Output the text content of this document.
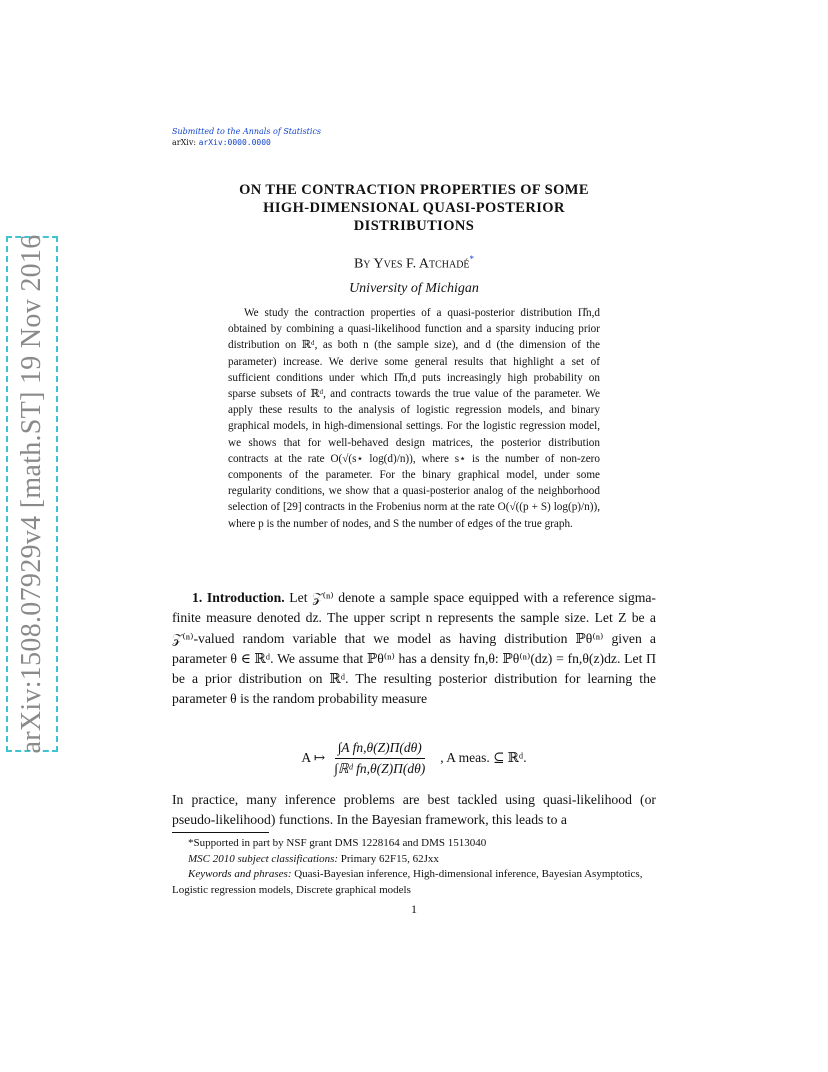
arXiv:1508.07929v4 [math.ST] 19 Nov 2016
Submitted to the Annals of Statistics
arXiv: arXiv:0000.0000
ON THE CONTRACTION PROPERTIES OF SOME
HIGH-DIMENSIONAL QUASI-POSTERIOR
DISTRIBUTIONS
By Yves F. Atchadé*
University of Michigan
We study the contraction properties of a quasi-posterior distribution Π̌n,d obtained by combining a quasi-likelihood function and a sparsity inducing prior distribution on ℝᵈ, as both n (the sample size), and d (the dimension of the parameter) increase. We derive some general results that highlight a set of sufficient conditions under which Π̌n,d puts increasingly high probability on sparse subsets of ℝᵈ, and contracts towards the true value of the parameter. We apply these results to the analysis of logistic regression models, and binary graphical models, in high-dimensional settings. For the logistic regression model, we shows that for well-behaved design matrices, the posterior distribution contracts at the rate O(√(s⋆ log(d)/n)), where s⋆ is the number of non-zero components of the parameter. For the binary graphical model, under some regularity conditions, we show that a quasi-posterior analog of the neighborhood selection of [29] contracts in the Frobenius norm at the rate O(√((p + S) log(p)/n)), where p is the number of nodes, and S the number of edges of the true graph.
1. Introduction. Let 𝒵⁽ⁿ⁾ denote a sample space equipped with a reference sigma-finite measure denoted dz. The upper script n represents the sample size. Let Z be a 𝒵⁽ⁿ⁾-valued random variable that we model as having distribution ℙθ⁽ⁿ⁾ given a parameter θ ∈ ℝᵈ. We assume that ℙθ⁽ⁿ⁾ has a density fn,θ: ℙθ⁽ⁿ⁾(dz) = fn,θ(z)dz. Let Π be a prior distribution on ℝᵈ. The resulting posterior distribution for learning the parameter θ is the random probability measure
A ↦ $\frac{\text{∫A fn,θ(Z)Π(dθ)}}{\text{∫ℝᵈ fn,θ(Z)Π(dθ)}}$ , A meas. ⊆ ℝᵈ.
In practice, many inference problems are best tackled using quasi-likelihood (or pseudo-likelihood) functions. In the Bayesian framework, this leads to a

*Supported in part by NSF grant DMS 1228164 and DMS 1513040

MSC 2010 subject classifications: Primary 62F15, 62Jxx

Keywords and phrases: Quasi-Bayesian inference, High-dimensional inference, Bayesian Asymptotics, Logistic regression models, Discrete graphical models

1
